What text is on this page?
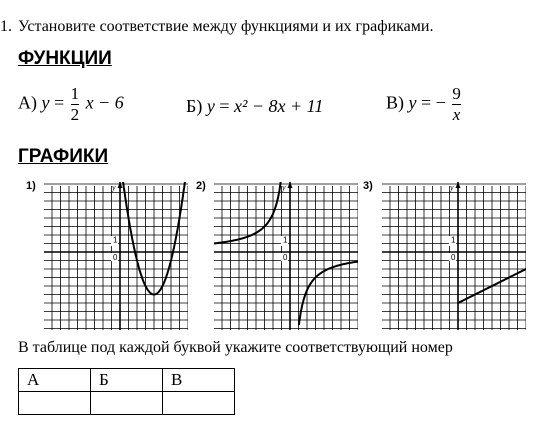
1. Установите соответствие между функциями и их графиками.
ФУНКЦИИ
А) $y = \frac{1}{2}$ x − 6	Б) y = x² − 8x + 11	В) y = − $\frac{9}{x}$
ГРАФИКИ
1)	2)	3)
1
0
y
1
0
y
1
0
y
В таблице под каждой буквой укажите соответствующий номер
А	Б	В
